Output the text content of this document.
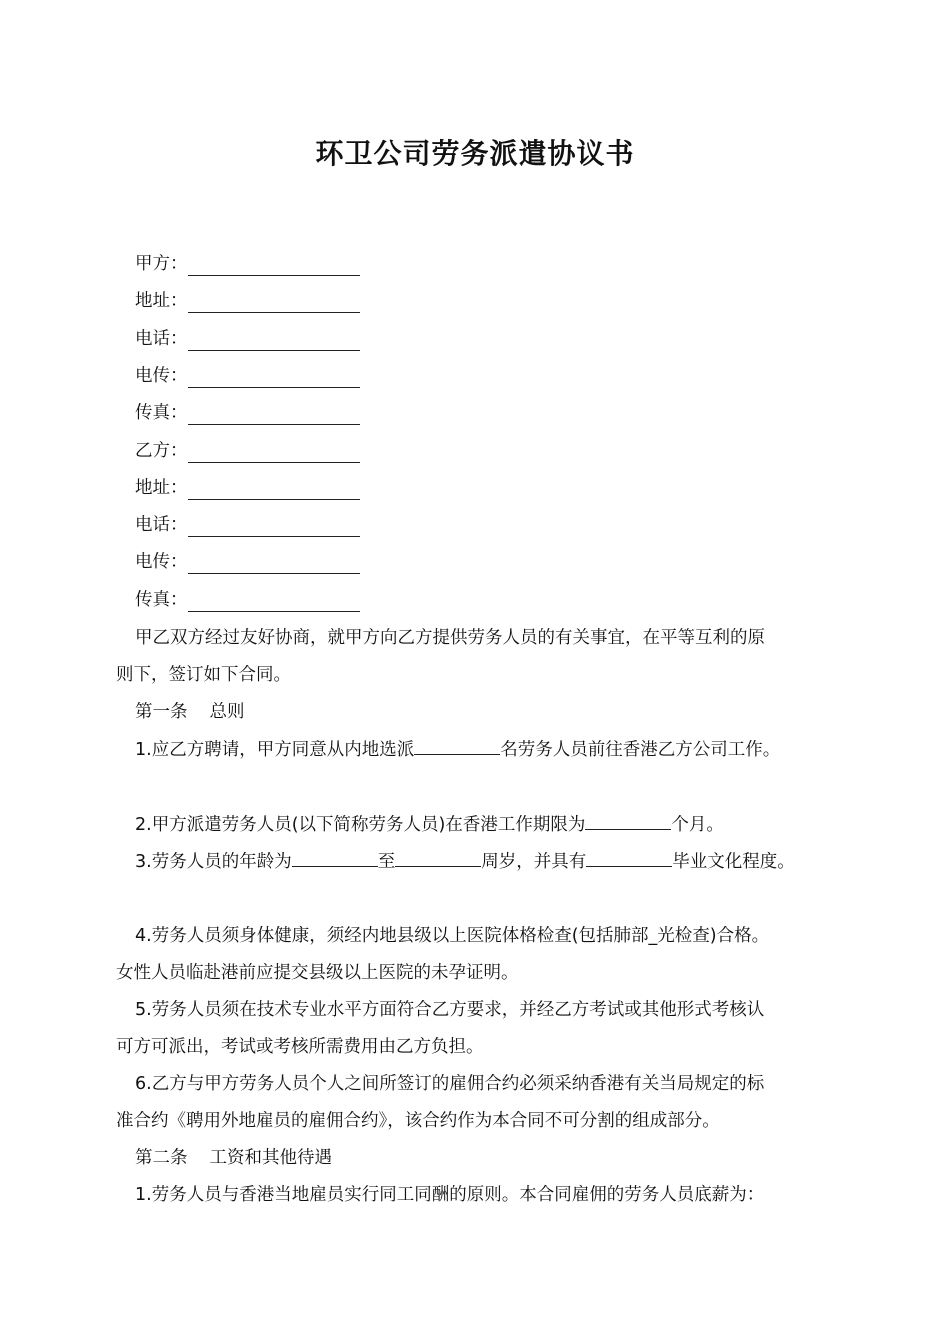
环卫公司劳务派遣协议书
甲方：
地址：
电话：
电传：
传真：
乙方：
地址：
电话：
电传：
传真：
甲乙双方经过友好协商，就甲方向乙方提供劳务人员的有关事宜，在平等互利的原
则下，签订如下合同。
第一条 总则
1.应乙方聘请，甲方同意从内地选派	名劳务人员前往香港乙方公司工作。
2.甲方派遣劳务人员(以下简称劳务人员)在香港工作期限为	个月。
3.劳务人员的年龄为	至	周岁，并具有	毕业文化程度。
4.劳务人员须身体健康，须经内地县级以上医院体格检查(包括肺部_光检查)合格。
女性人员临赴港前应提交县级以上医院的未孕证明。
5.劳务人员须在技术专业水平方面符合乙方要求，并经乙方考试或其他形式考核认
可方可派出，考试或考核所需费用由乙方负担。
6.乙方与甲方劳务人员个人之间所签订的雇佣合约必须采纳香港有关当局规定的标
准合约《聘用外地雇员的雇佣合约》，该合约作为本合同不可分割的组成部分。
第二条 工资和其他待遇
1.劳务人员与香港当地雇员实行同工同酬的原则。本合同雇佣的劳务人员底薪为：
